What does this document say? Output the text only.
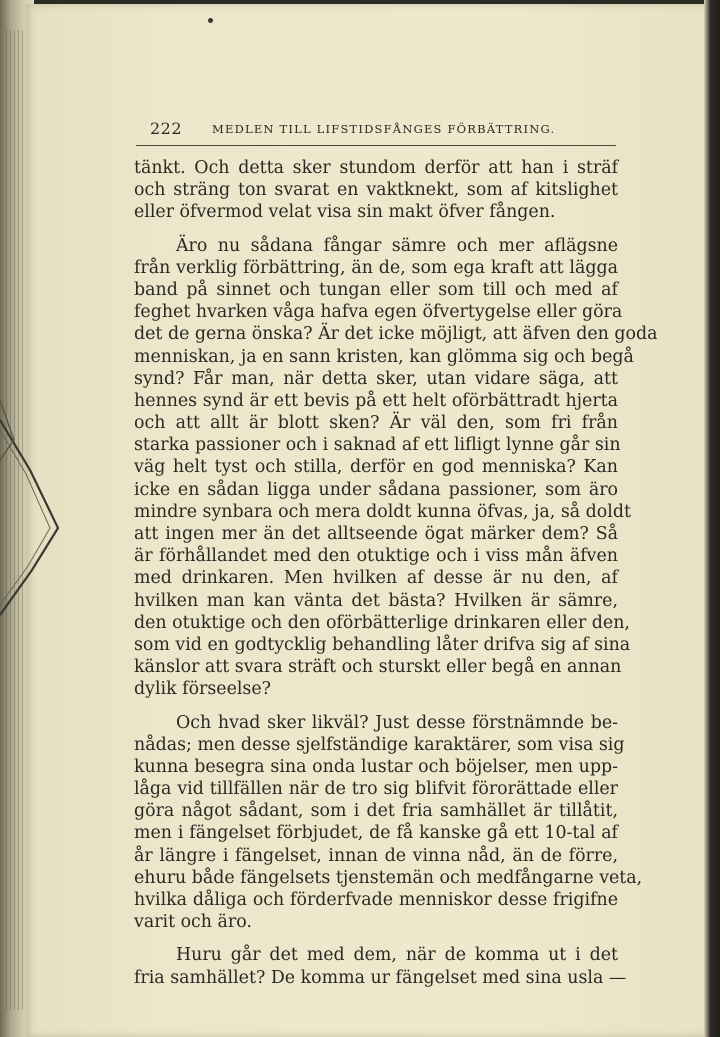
222	MEDLEN TILL LIFSTIDSFÅNGES FÖRBÄTTRING.
tänkt. Och detta sker stundom derför att han i sträf
och sträng ton svarat en vaktknekt, som af kitslighet
eller öfvermod velat visa sin makt öfver fången.
Äro nu sådana fångar sämre och mer aflägsne
från verklig förbättring, än de, som ega kraft att lägga
band på sinnet och tungan eller som till och med af
feghet hvarken våga hafva egen öfvertygelse eller göra
det de gerna önska? Är det icke möjligt, att äfven den goda
menniskan, ja en sann kristen, kan glömma sig och begå
synd? Får man, när detta sker, utan vidare säga, att
hennes synd är ett bevis på ett helt oförbättradt hjerta
och att allt är blott sken? Är väl den, som fri från
starka passioner och i saknad af ett lifligt lynne går sin
väg helt tyst och stilla, derför en god menniska? Kan
icke en sådan ligga under sådana passioner, som äro
mindre synbara och mera doldt kunna öfvas, ja, så doldt
att ingen mer än det alltseende ögat märker dem? Så
är förhållandet med den otuktige och i viss mån äfven
med drinkaren. Men hvilken af desse är nu den, af
hvilken man kan vänta det bästa? Hvilken är sämre,
den otuktige och den oförbätterlige drinkaren eller den,
som vid en godtycklig behandling låter drifva sig af sina
känslor att svara sträft och sturskt eller begå en annan
dylik förseelse?
Och hvad sker likväl? Just desse förstnämnde be-
nådas; men desse sjelfständige karaktärer, som visa sig
kunna besegra sina onda lustar och böjelser, men upp-
låga vid tillfällen när de tro sig blifvit förorättade eller
göra något sådant, som i det fria samhället är tillåtit,
men i fängelset förbjudet, de få kanske gå ett 10-tal af
år längre i fängelset, innan de vinna nåd, än de förre,
ehuru både fängelsets tjenstemän och medfångarne veta,
hvilka dåliga och förderfvade menniskor desse frigifne
varit och äro.
Huru går det med dem, när de komma ut i det
fria samhället? De komma ur fängelset med sina usla —
